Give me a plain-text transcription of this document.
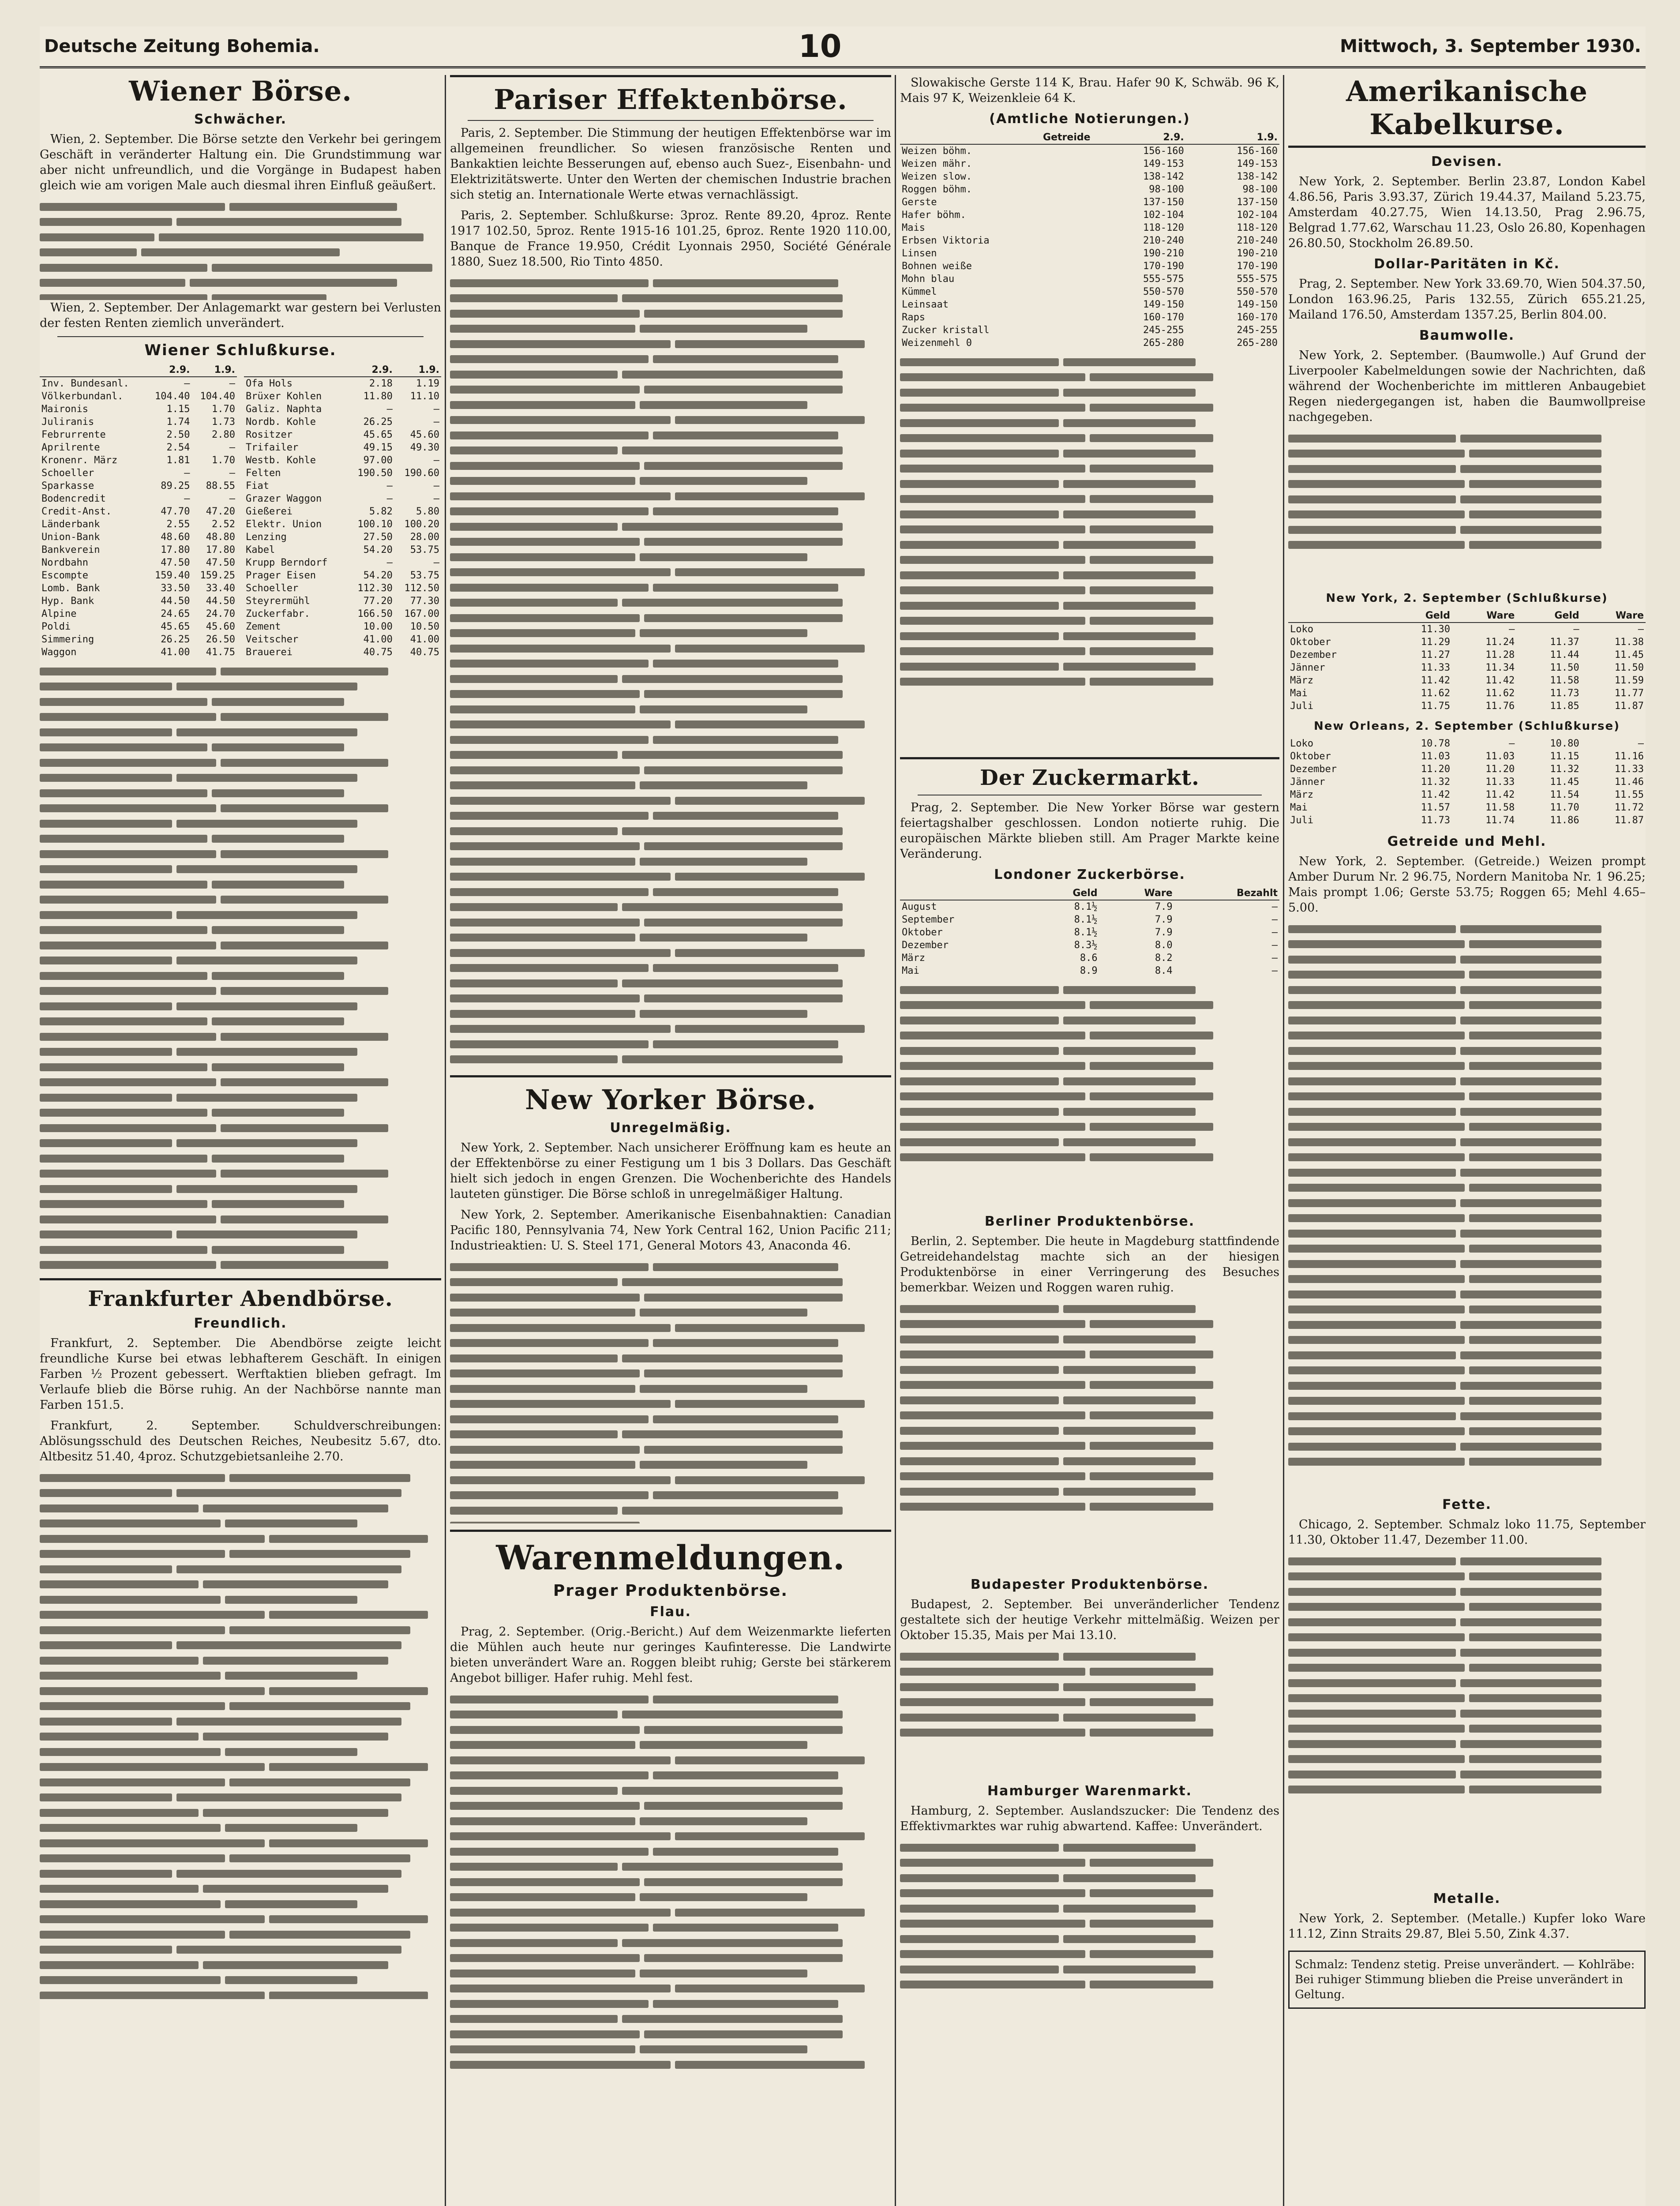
Deutsche Zeitung Bohemia.	10	Mittwoch, 3. September 1930.
Wiener Börse.
Schwächer.

Wien, 2. September. Die Börse setzte den Verkehr bei geringem Geschäft in veränderter Haltung ein. Die Grundstimmung war aber nicht unfreundlich, und die Vorgänge in Budapest haben gleich wie am vorigen Male auch diesmal ihren Einfluß geäußert.

Wien, 2. September. Der Anlagemarkt war gestern bei Verlusten der festen Renten ziemlich unverändert.

Wiener Schlußkurse.
	2.9.	1.9.
Inv. Bundesanl.	—	—
Völkerbundanl.	104.40	104.40
Maironis	1.15	1.70
Juliranis	1.74	1.73
Februrrente	2.50	2.80
Aprilrente	2.54	—
Kronenr. März	1.81	1.70
Schoeller	—	—
Sparkasse	89.25	88.55
Bodencredit	—	—
Credit-Anst.	47.70	47.20
Länderbank	2.55	2.52
Union-Bank	48.60	48.80
Bankverein	17.80	17.80
Nordbahn	47.50	47.50
Escompte	159.40	159.25
Lomb. Bank	33.50	33.40
Hyp. Bank	44.50	44.50
Alpine	24.65	24.70
Poldi	45.65	45.60
Simmering	26.25	26.50
Waggon	41.00	41.75
	2.9.	1.9.
Ofa Hols	2.18	1.19
Brüxer Kohlen	11.80	11.10
Galiz. Naphta	—	—
Nordb. Kohle	26.25	—
Rositzer	45.65	45.60
Trifailer	49.15	49.30
Westb. Kohle	97.00	—
Felten	190.50	190.60
Fiat	—	—
Grazer Waggon	—	—
Gießerei	5.82	5.80
Elektr. Union	100.10	100.20
Lenzing	27.50	28.00
Kabel	54.20	53.75
Krupp Berndorf	—	—
Prager Eisen	54.20	53.75
Schoeller	112.30	112.50
Steyrermühl	77.20	77.30
Zuckerfabr.	166.50	167.00
Zement	10.00	10.50
Veitscher	41.00	41.00
Brauerei	40.75	40.75
Frankfurter Abendbörse.
Freundlich.

Frankfurt, 2. September. Die Abendbörse zeigte leicht freundliche Kurse bei etwas lebhafterem Geschäft. In einigen Farben ½ Prozent gebessert. Werftaktien blieben gefragt. Im Verlaufe blieb die Börse ruhig. An der Nachbörse nannte man Farben 151.5.

Frankfurt, 2. September. Schuldverschreibungen: Ablösungsschuld des Deutschen Reiches, Neubesitz 5.67, dto. Altbesitz 51.40, 4proz. Schutzgebietsanleihe 2.70.

Pariser Effektenbörse.

Paris, 2. September. Die Stimmung der heutigen Effektenbörse war im allgemeinen freundlicher. So wiesen französische Renten und Bankaktien leichte Besserungen auf, ebenso auch Suez-, Eisenbahn- und Elektrizitätswerte. Unter den Werten der chemischen Industrie brachen sich stetig an. Internationale Werte etwas vernachlässigt.

Paris, 2. September. Schlußkurse: 3proz. Rente 89.20, 4proz. Rente 1917 102.50, 5proz. Rente 1915-16 101.25, 6proz. Rente 1920 110.00, Banque de France 19.950, Crédit Lyonnais 2950, Société Générale 1880, Suez 18.500, Rio Tinto 4850.

New Yorker Börse.
Unregelmäßig.

New York, 2. September. Nach unsicherer Eröffnung kam es heute an der Effektenbörse zu einer Festigung um 1 bis 3 Dollars. Das Geschäft hielt sich jedoch in engen Grenzen. Die Wochenberichte des Handels lauteten günstiger. Die Börse schloß in unregelmäßiger Haltung.

New York, 2. September. Amerikanische Eisenbahnaktien: Canadian Pacific 180, Pennsylvania 74, New York Central 162, Union Pacific 211; Industrieaktien: U. S. Steel 171, General Motors 43, Anaconda 46.

Warenmeldungen.
Prager Produktenbörse.
Flau.

Prag, 2. September. (Orig.-Bericht.) Auf dem Weizenmarkte lieferten die Mühlen auch heute nur geringes Kaufinteresse. Die Landwirte bieten unverändert Ware an. Roggen bleibt ruhig; Gerste bei stärkerem Angebot billiger. Hafer ruhig. Mehl fest.

Slowakische Gerste 114 K, Brau. Hafer 90 K, Schwäb. 96 K, Mais 97 K, Weizenkleie 64 K.

(Amtliche Notierungen.)
Getreide	2.9.	1.9.
Weizen böhm.	156-160	156-160
Weizen mähr.	149-153	149-153
Weizen slow.	138-142	138-142
Roggen böhm.	98-100	98-100
Gerste	137-150	137-150
Hafer böhm.	102-104	102-104
Mais	118-120	118-120
Erbsen Viktoria	210-240	210-240
Linsen	190-210	190-210
Bohnen weiße	170-190	170-190
Mohn blau	555-575	555-575
Kümmel	550-570	550-570
Leinsaat	149-150	149-150
Raps	160-170	160-170
Zucker kristall	245-255	245-255
Weizenmehl 0	265-280	265-280
Der Zuckermarkt.

Prag, 2. September. Die New Yorker Börse war gestern feiertagshalber geschlossen. London notierte ruhig. Die europäischen Märkte blieben still. Am Prager Markte keine Veränderung.

Londoner Zuckerbörse.
	Geld	Ware	Bezahlt
August	8.1½	7.9	—
September	8.1½	7.9	—
Oktober	8.1½	7.9	—
Dezember	8.3½	8.0	—
März	8.6	8.2	—
Mai	8.9	8.4	—
Berliner Produktenbörse.

Berlin, 2. September. Die heute in Magdeburg stattfindende Getreidehandelstag machte sich an der hiesigen Produktenbörse in einer Verringerung des Besuches bemerkbar. Weizen und Roggen waren ruhig.

Budapester Produktenbörse.

Budapest, 2. September. Bei unveränderlicher Tendenz gestaltete sich der heutige Verkehr mittelmäßig. Weizen per Oktober 15.35, Mais per Mai 13.10.

Hamburger Warenmarkt.

Hamburg, 2. September. Auslandszucker: Die Tendenz des Effektivmarktes war ruhig abwartend. Kaffee: Unverändert.

Amerikanische Kabelkurse.
Devisen.

New York, 2. September. Berlin 23.87, London Kabel 4.86.56, Paris 3.93.37, Zürich 19.44.37, Mailand 5.23.75, Amsterdam 40.27.75, Wien 14.13.50, Prag 2.96.75, Belgrad 1.77.62, Warschau 11.23, Oslo 26.80, Kopenhagen 26.80.50, Stockholm 26.89.50.

Dollar-Paritäten in Kč.

Prag, 2. September. New York 33.69.70, Wien 504.37.50, London 163.96.25, Paris 132.55, Zürich 655.21.25, Mailand 176.50, Amsterdam 1357.25, Berlin 804.00.

Baumwolle.

New York, 2. September. (Baumwolle.) Auf Grund der Liverpooler Kabelmeldungen sowie der Nachrichten, daß während der Wochenberichte im mittleren Anbaugebiet Regen niedergegangen ist, haben die Baumwollpreise nachgegeben.

New York, 2. September (Schlußkurse)
	Geld	Ware	Geld	Ware
Loko	11.30	—	—	—
Oktober	11.29	11.24	11.37	11.38
Dezember	11.27	11.28	11.44	11.45
Jänner	11.33	11.34	11.50	11.50
März	11.42	11.42	11.58	11.59
Mai	11.62	11.62	11.73	11.77
Juli	11.75	11.76	11.85	11.87
New Orleans, 2. September (Schlußkurse)
Loko	10.78	—	10.80	—
Oktober	11.03	11.03	11.15	11.16
Dezember	11.20	11.20	11.32	11.33
Jänner	11.32	11.33	11.45	11.46
März	11.42	11.42	11.54	11.55
Mai	11.57	11.58	11.70	11.72
Juli	11.73	11.74	11.86	11.87
Getreide und Mehl.

New York, 2. September. (Getreide.) Weizen prompt Amber Durum Nr. 2 96.75, Nordern Manitoba Nr. 1 96.25; Mais prompt 1.06; Gerste 53.75; Roggen 65; Mehl 4.65–5.00.

Fette.

Chicago, 2. September. Schmalz loko 11.75, September 11.30, Oktober 11.47, Dezember 11.00.

Metalle.

New York, 2. September. (Metalle.) Kupfer loko Ware 11.12, Zinn Straits 29.87, Blei 5.50, Zink 4.37.

Schmalz: Tendenz stetig. Preise unverändert. — Kohlräbe: Bei ruhiger Stimmung blieben die Preise unverändert in Geltung.
